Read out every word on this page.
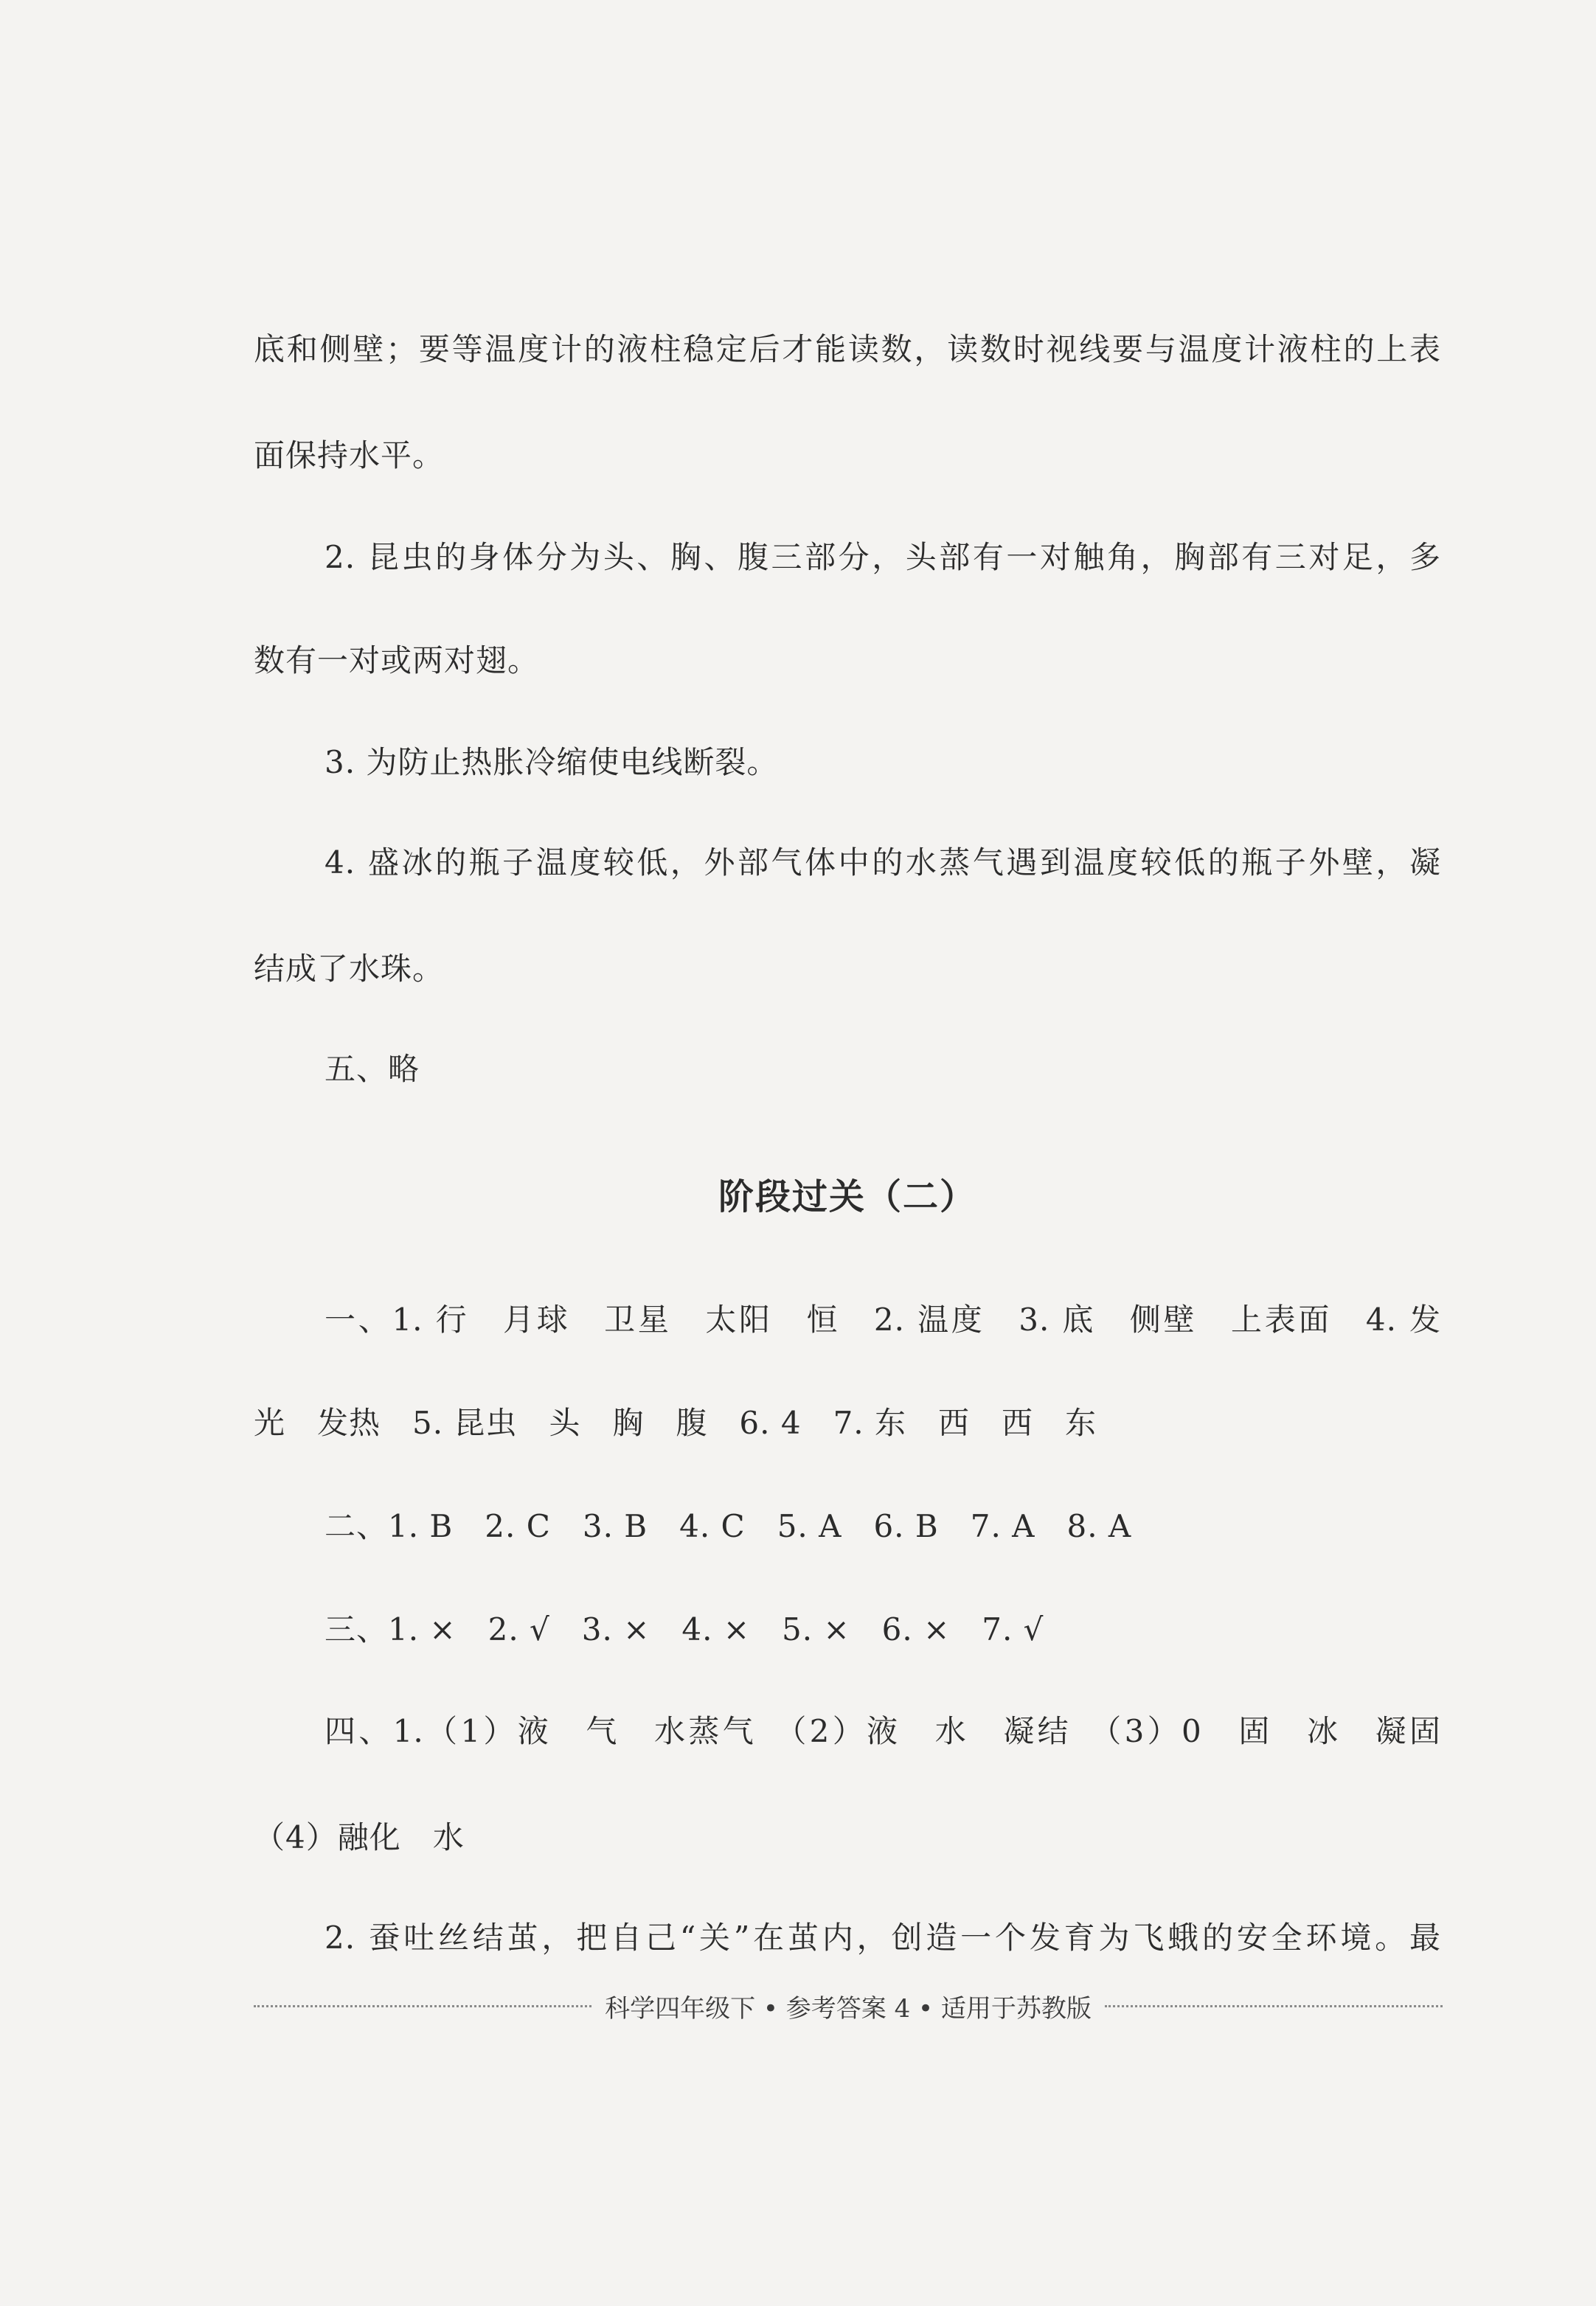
底和侧壁；要等温度计的液柱稳定后才能读数，读数时视线要与温度计液柱的上表
面保持水平。
2. 昆虫的身体分为头、胸、腹三部分，头部有一对触角，胸部有三对足，多
数有一对或两对翅。
3. 为防止热胀冷缩使电线断裂。
4. 盛冰的瓶子温度较低，外部气体中的水蒸气遇到温度较低的瓶子外壁，凝
结成了水珠。
五、略
阶段过关（二）
一、1. 行　月球　卫星　太阳　恒　2. 温度　3. 底　侧壁　上表面　4. 发
光　发热　5. 昆虫　头　胸　腹　6. 4　7. 东　西　西　东
二、1. B　2. C　3. B　4. C　5. A　6. B　7. A　8. A
三、1. ×　2. √　3. ×　4. ×　5. ×　6. ×　7. √
四、1.（1）液　气　水蒸气　（2）液　水　凝结　（3）0　固　冰　凝固
（4）融化　水
2. 蚕吐丝结茧，把自己“关”在茧内，创造一个发育为飞蛾的安全环境。最
科学四年级下 • 参考答案 4 • 适用于苏教版
